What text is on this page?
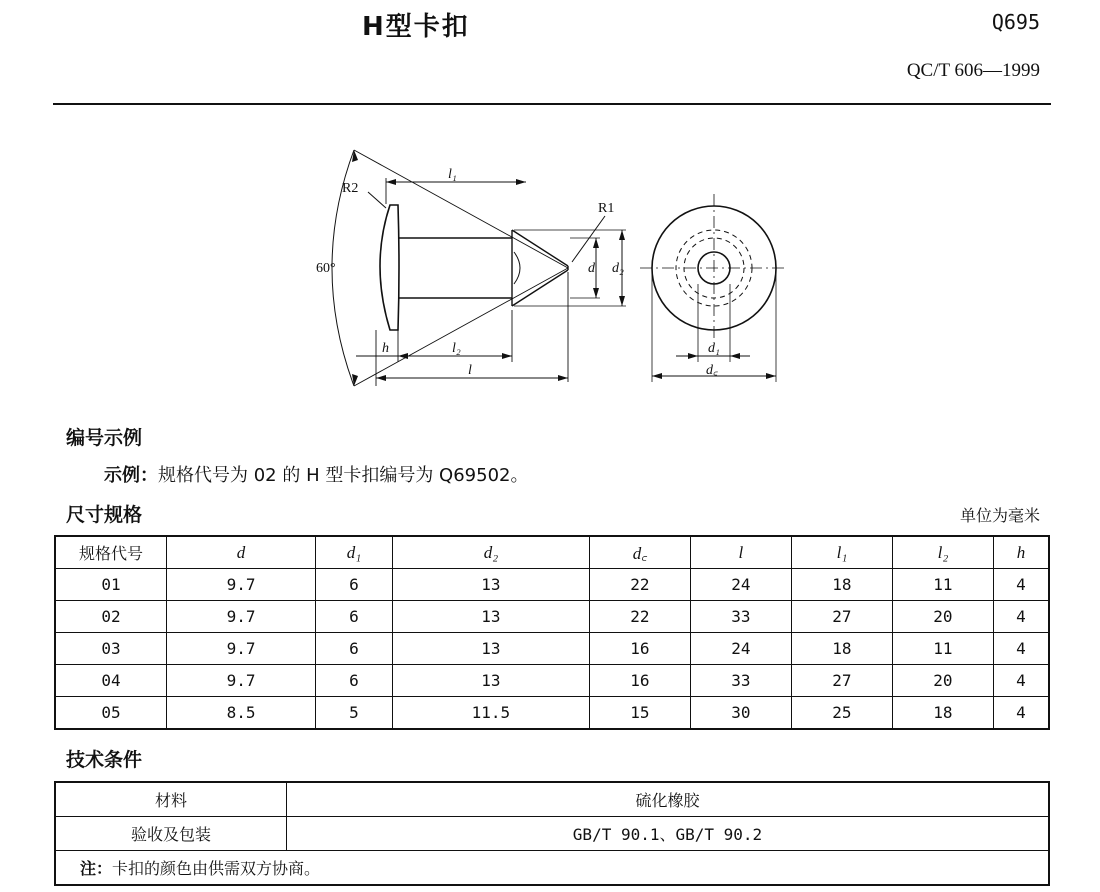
H型卡扣	Q695
QC/T 606—1999
R2
R1
60°
l₁
l₂
l
h
d d₂
d₁
d꜀
编号示例
示例：规格代号为 02 的 H 型卡扣编号为 Q69502。
尺寸规格	单位为毫米
规格代号	d	d₁	d₂	d꜀	l	l₁	l₂	h
01	9.7	6	13	22	24	18	11	4
02	9.7	6	13	22	33	27	20	4
03	9.7	6	13	16	24	18	11	4
04	9.7	6	13	16	33	27	20	4
05	8.5	5	11.5	15	30	25	18	4
技术条件
材料	硫化橡胶
验收及包装	GB/T 90.1、GB/T 90.2
注：卡扣的颜色由供需双方协商。	
